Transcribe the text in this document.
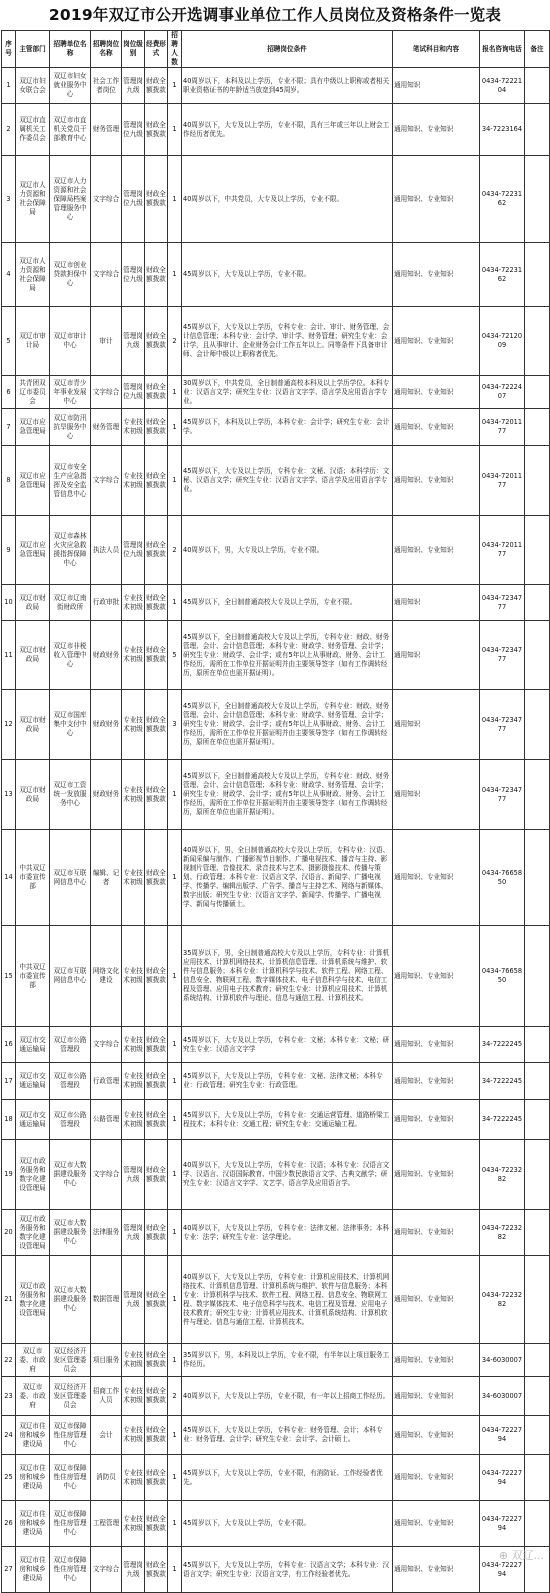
2019年双辽市公开选调事业单位工作人员岗位及资格条件一览表
序号	主管部门	招聘单位名称	招聘岗位名称	岗位级别	经费形式	招聘人数	招聘岗位条件	笔试科目和内容	报名咨询电话	备注
1	双辽市妇女联合会	双辽市妇女就业服务中心	社会工作者岗位	管理岗九级	财政全额拨款	1	40周岁以下，本科及以上学历，专业不限；具有中级以上职称或者相关职业资格证书的年龄适当放宽到45周岁。	通用知识	0434-7222104	
2	双辽市直属机关工作委员会	双辽市市直机关党员干部教育中心	财务管理	管理岗位九级	财政全额拨款	1	40周岁以下，大专及以上学历，专业不限，具有三年或三年以上财会工作经历者优先。	通用知识、专业知识	34-7223164	
3	双辽市人力资源和社会保障局	双辽市人力资源和社会保障局档案管理服务中心	文字综合	管理岗位九级	财政全额拨款	1	40周岁以下，中共党员，大专及以上学历，专业不限。	通用知识、专业知识	0434-7223162	
4	双辽市人力资源和社会保障局	双辽市创业贷款担保中心	文字综合	管理岗位九级	财政全额拨款	1	45周岁以下，大专及以上学历，专业不限。	通用知识、专业知识	0434-7223162	
5	双辽市审计局	双辽市审计中心	审计	管理岗九级	财政全额拨款	2	45周岁以下，大专及以上学历，专科专业：会计、审计、财务管理、会计信息管理；本科专业：会计学、审计学、财务管理；研究生专业：会计学，且从事审计、企业财务会计工作五年以上。同等条件下具备审计师、会计师中级以上职称者优先。	通用知识、专业知识	0434-7212009	
6	共青团双辽市委员会	双辽市青少年事业发展中心	文字综合	管理岗位九级	财政全额拨款	1	30周岁以下，中共党员，全日制普通高校本科及以上学历学位。本科专业：汉语言文学；研究生专业：汉语言文字学、语言学及应用语言学专业。	通用知识、专业知识	0434-7222407	
7	双辽市应急管理局	双辽市防汛抗旱服务中心	财务管理	专业技术初级	财政全额拨款	1	45周岁以下，本科及以上学历，本科专业：会计学；研究生专业：会计学。	通用知识、专业知识	0434-7201177	
8	双辽市应急管理局	双辽市安全生产应急指挥及安全监管信息中心	文字综合	专业技术初级	财政全额拨款	1	45周岁以下，大专及以上学历，专科专业：文秘、汉语；本科学历：文秘、汉语言文学；研究生专业：汉语言文字学、语言学及应用语言学专业。	通用知识、专业知识	0434-7201177	
9	双辽市应急管理局	双辽市森林火灾应急救援指挥保障中心	执法人员	管理岗位九级	财政全额拨款	2	40周岁以下，男，大专及以上学历，专业不限。	通用知识、专业知识	0434-7201177	
10	双辽市财政局	双辽市辽南街财政所	行政审批	专业技术初级	财政全额拨款	1	45周岁以下，全日制普通高校大专及以上学历，专业不限。	通用知识	0434-7234777	
11	双辽市财政局	双辽市非税收入管理中心	财政财务	专业技术初级	财政全额拨款	5	45周岁以下，全日制普通高校大专及以上学历，专科专业：财政、财务管理、会计、会计信息管理；本科专业：财政学、财务管理、会计学；研究生专业：财政学、会计学；或有5年以上从事财政、财务、会计工作经历，需所在工作单位开据证明并由主要领导签字（如有工作调转经历，原所在单位也需开据证明）。	通用知识	0434-7234777	
12	双辽市财政局	双辽市国库集中支付中心	财政财务	专业技术初级	财政全额拨款	3	45周岁以下，全日制普通高校大专及以上学历，专科专业：财政、财务管理、会计、会计信息管理；本科专业：财政学、财务管理、会计学；研究生专业：财政学、会计学；或有5年以上从事财政、财务、会计工作经历，需所在工作单位开据证明并由主要领导签字（如有工作调转经历，原所在单位也需开据证明）。	通用知识	0434-7234777	
13	双辽市财政局	双辽市工资统一发放服务中心	财政财务	专业技术初级	财政全额拨款	1	45周岁以下，全日制普通高校大专及以上学历，专科专业：财政、财务管理、会计、会计信息管理；本科专业：财政学、财务管理、会计学；研究生专业：财政学、会计学；或有5年以上从事财政、财务、会计工作经历，需所在工作单位开据证明并由主要领导签字（如有工作调转经历，原所在单位也需开据证明）。	通用知识	0434-7234777	
14	中共双辽市委宣传部	双辽市互联网信息中心	编辑、记者	专业技术初级	财政全额拨款	1	40周岁以下，男，全日制普通高校大专及以上学历，专科专业：汉语、新闻采编与制作、广播影视节目制作、广播电视技术、播音与主持、影视制片管理、音像技术、录音技术与艺术、摄影摄像技术、传播与策划、行政管理；本科专业：汉语言文学、汉语言、新闻学、广播电视学、传播学、编辑出版学、广告学、播音与主持艺术、网络与新媒体、数字出版；研究生专业：汉语言文字学、新闻学、传播学、广播电视学、新闻与传播硕士。	通用知识、专业知识	0434-7665850	
15	中共双辽市委宣传部	双辽市互联网信息中心	网络文化建设	专业技术初级	财政全额拨款	1	35周岁以下，男，全日制普通高校大专及以上学历，专科专业：计算机应用技术、计算机网络技术、计算机信息管理、计算机系统与维护、软件与信息服务；本科专业：计算机科学与技术、软件工程、网络工程、信息安全、物联网工程、数字媒体技术、电子信息科学与技术、电信工程及管理、应用电子技术教育；研究生专业：计算机应用技术、计算机系统结构、计算机软件与理论、信息与通信工程、计算机技术。	通用知识、专业知识	0434-7665850	
16	双辽市交通运输局	双辽市公路管理段	文字综合	专业技术初级	财政全额拨款	1	45周岁以下，大专及以上学历，专科专业：文秘；本科专业：文秘；研究生专业：汉语言文字学	通用知识、专业知识	34-7222245	
17	双辽市交通运输局	双辽市公路管理段	行政管理	专业技术初级	财政全额拨款	1	45周岁以下，大专及以上学历，专科专业：文秘、法律文秘；本科专业：行政管理；研究生专业：行政管理。	通用知识、专业知识	34-7222245	
18	双辽市交通运输局	双辽市公路管理段	公路管理	专业技术初级	财政全额拨款	1	45周岁以下，大专及以上学历，专科专业：交通运营管理、道路桥梁工程技术；本科专业：交通工程；研究生专业：交通运输工程。	通用知识、专业知识	34-7222245	
19	双辽市政务服务和数字化建设管理局	双辽市大数据建设服务中心	文字综合	管理岗九级	财政全额拨款	1	40周岁以下，大专及以上学历，专科专业：汉语；本科专业：汉语言文学、汉语言、汉语国际教育、中国少数民族语言文学、古典文献学；研究生专业：汉语言文字学、文艺学、语言学及应用语言学。	通用知识、专业知识	0434-7223282	
20	双辽市政务服务和数字化建设管理局	双辽市大数据建设服务中心	法律服务	管理岗九级	财政全额拨款	1	40周岁以下，大专及以上学历，专科专业：法律文秘、法律事务；本科专业：法学；研究生专业：法学理论。	通用知识、专业知识	0434-7223282	
21	双辽市政务服务和数字化建设管理局	双辽市大数据建设服务中心	数据管理	管理岗九级	财政全额拨款	1	40周岁以下，大专及以上学历，专科专业：计算机应用技术、计算机网络技术、计算机信息管理、计算机系统与维护、软件与信息服务；本科专业：计算机科学与技术、软件工程、网络工程、信息安全、物联网工程、数字媒体技术、电子信息科学与技术、电信工程及管理、应用电子技术教育；研究生专业：计算机应用技术、计算机系统结构、计算机软件与理论、信息与通信工程、计算机技术。	通用知识、专业知识	0434-7223282	
22	双辽市委、市政府	双辽经济开发区管理委员会	项目服务	专业技术初级	财政全额拨款	1	35周岁以下，男，本科及以上学历，专业不限，有半年以上项目服务工作经历。	通用知识、专业知识	34-6030007	
23	双辽市委、市政府	双辽经济开发区管理委员会	招商工作人员	专业技术初级	财政全额拨款	2	40周岁以下，大专及以上学历，专业不限，有一年以上招商工作经历。	通用知识、专业知识	34-6030007	
24	双辽市住房和城乡建设局	双辽市保障性住房管理中心	会计	专业技术初级	财政全额拨款	1	45周岁以下，大专及以上学历，专科专业：财务管理、会计；本科专业：财务管理、会计学；研究生专业：会计学、会计硕士。	通用知识、专业知识	0434-7222794	
25	双辽市住房和城乡建设局	双辽市保障性住房管理中心	消防员	专业技术初级	财政全额拨款	1	45周岁以下，大专及以上学历，专业不限，有消防证、工作经验者优先。	通用知识、专业知识	0434-7222794	
26	双辽市住房和城乡建设局	双辽市保障性住房管理中心	工程管理	专业技术初级	财政全额拨款	1	45周岁以下，大专及以上学历，专业不限。	通用知识、专业知识	0434-7222794	
27	双辽市住房和城乡建设局	双辽市保障性住房管理中心	文字综合	管理岗九级	财政全额拨款	1	45周岁以下，大专及以上学历，专科专业：汉语言文学；本科专业：汉语言文学；研究生专业：汉语言文学，有工作经验者优先。	通用知识、专业知识	0434-7222794	
⊕ 双辽...
